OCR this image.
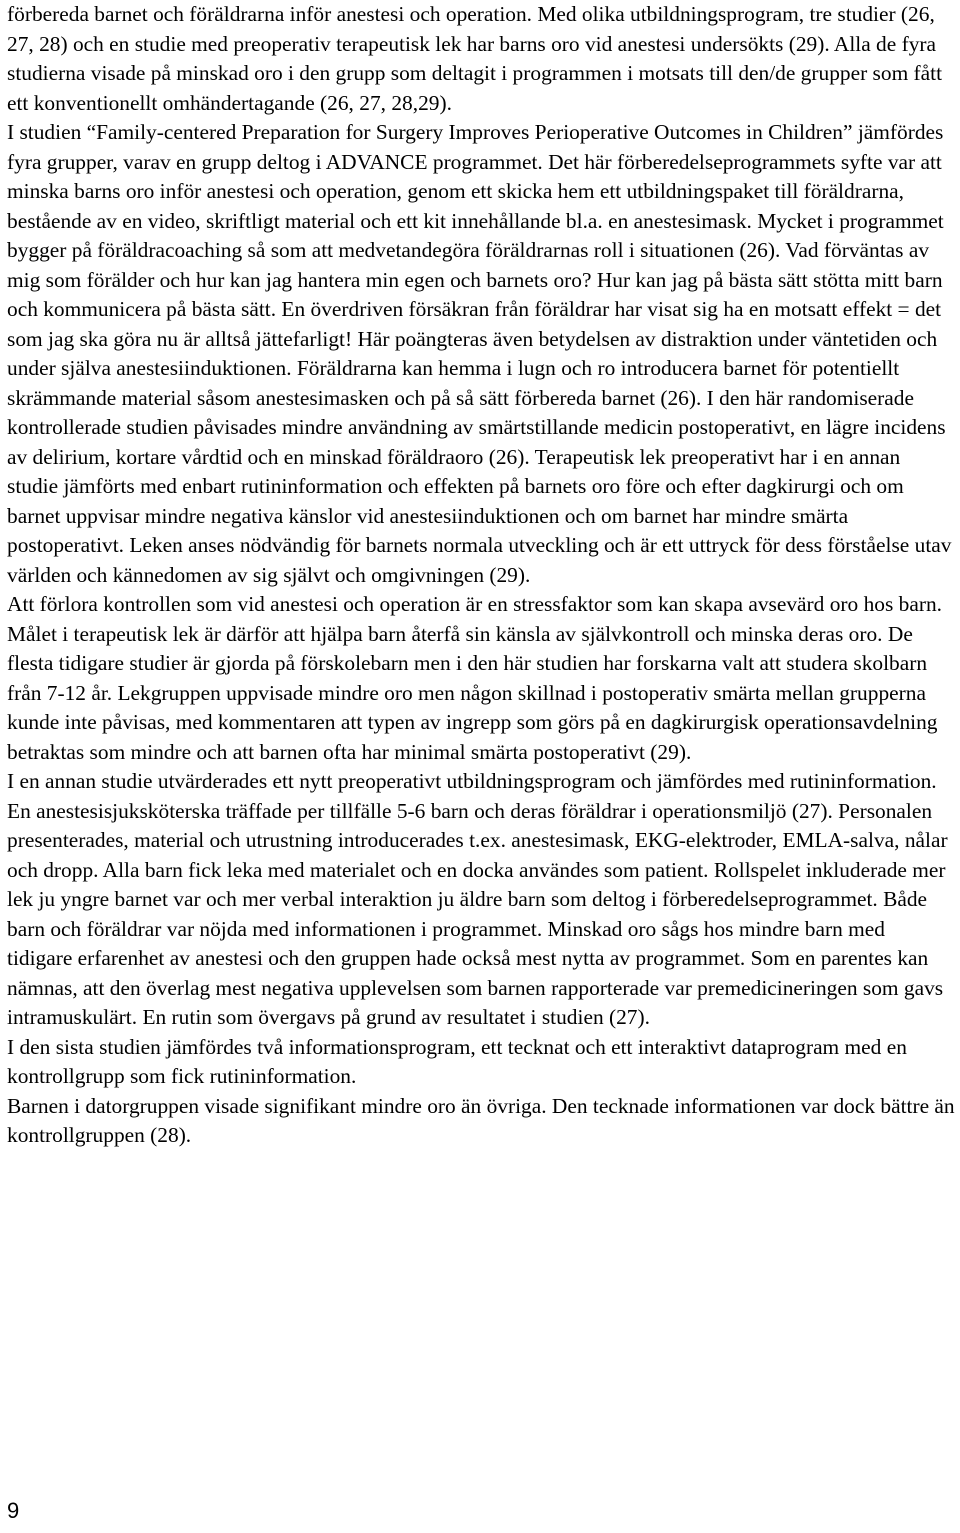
förbereda barnet och föräldrarna inför anestesi och operation. Med olika utbildningsprogram, tre studier (26, 27, 28) och en studie med preoperativ terapeutisk lek har barns oro vid anestesi undersökts (29). Alla de fyra studierna visade på minskad oro i den grupp som deltagit i programmen i motsats till den/de grupper som fått ett konventionellt omhändertagande (26, 27, 28,29).

I studien “Family-centered Preparation for Surgery Improves Perioperative Outcomes in Children” jämfördes fyra grupper, varav en grupp deltog i ADVANCE programmet. Det här förberedelseprogrammets syfte var att minska barns oro inför anestesi och operation, genom ett skicka hem ett utbildningspaket till föräldrarna, bestående av en video, skriftligt material och ett kit innehållande bl.a. en anestesimask. Mycket i programmet bygger på föräldracoaching så som att medvetandegöra föräldrarnas roll i situationen (26). Vad förväntas av mig som förälder och hur kan jag hantera min egen och barnets oro? Hur kan jag på bästa sätt stötta mitt barn och kommunicera på bästa sätt. En överdriven försäkran från föräldrar har visat sig ha en motsatt effekt = det som jag ska göra nu är alltså jättefarligt! Här poängteras även betydelsen av distraktion under väntetiden och under själva anestesiinduktionen. Föräldrarna kan hemma i lugn och ro introducera barnet för potentiellt skrämmande material såsom anestesimasken och på så sätt förbereda barnet (26). I den här randomiserade kontrollerade studien påvisades mindre användning av smärtstillande medicin postoperativt, en lägre incidens av delirium, kortare vårdtid och en minskad föräldraoro (26). Terapeutisk lek preoperativt har i en annan studie jämförts med enbart rutininformation och effekten på barnets oro före och efter dagkirurgi och om barnet uppvisar mindre negativa känslor vid anestesiinduktionen och om barnet har mindre smärta postoperativt. Leken anses nödvändig för barnets normala utveckling och är ett uttryck för dess förståelse utav världen och kännedomen av sig självt och omgivningen (29).

Att förlora kontrollen som vid anestesi och operation är en stressfaktor som kan skapa avsevärd oro hos barn. Målet i terapeutisk lek är därför att hjälpa barn återfå sin känsla av självkontroll och minska deras oro. De flesta tidigare studier är gjorda på förskolebarn men i den här studien har forskarna valt att studera skolbarn från 7-12 år. Lekgruppen uppvisade mindre oro men någon skillnad i postoperativ smärta mellan grupperna kunde inte påvisas, med kommentaren att typen av ingrepp som görs på en dagkirurgisk operationsavdelning betraktas som mindre och att barnen ofta har minimal smärta postoperativt (29).

I en annan studie utvärderades ett nytt preoperativt utbildningsprogram och jämfördes med rutininformation. En anestesisjuksköterska träffade per tillfälle 5-6 barn och deras föräldrar i operationsmiljö (27). Personalen presenterades, material och utrustning introducerades t.ex. anestesimask, EKG-elektroder, EMLA-salva, nålar och dropp. Alla barn fick leka med materialet och en docka användes som patient. Rollspelet inkluderade mer lek ju yngre barnet var och mer verbal interaktion ju äldre barn som deltog i förberedelseprogrammet. Både barn och föräldrar var nöjda med informationen i programmet. Minskad oro sågs hos mindre barn med tidigare erfarenhet av anestesi och den gruppen hade också mest nytta av programmet. Som en parentes kan nämnas, att den överlag mest negativa upplevelsen som barnen rapporterade var premedicineringen som gavs intramuskulärt. En rutin som övergavs på grund av resultatet i studien (27).

I den sista studien jämfördes två informationsprogram, ett tecknat och ett interaktivt dataprogram med en kontrollgrupp som fick rutininformation.

Barnen i datorgruppen visade signifikant mindre oro än övriga. Den tecknade informationen var dock bättre än kontrollgruppen (28).

9
